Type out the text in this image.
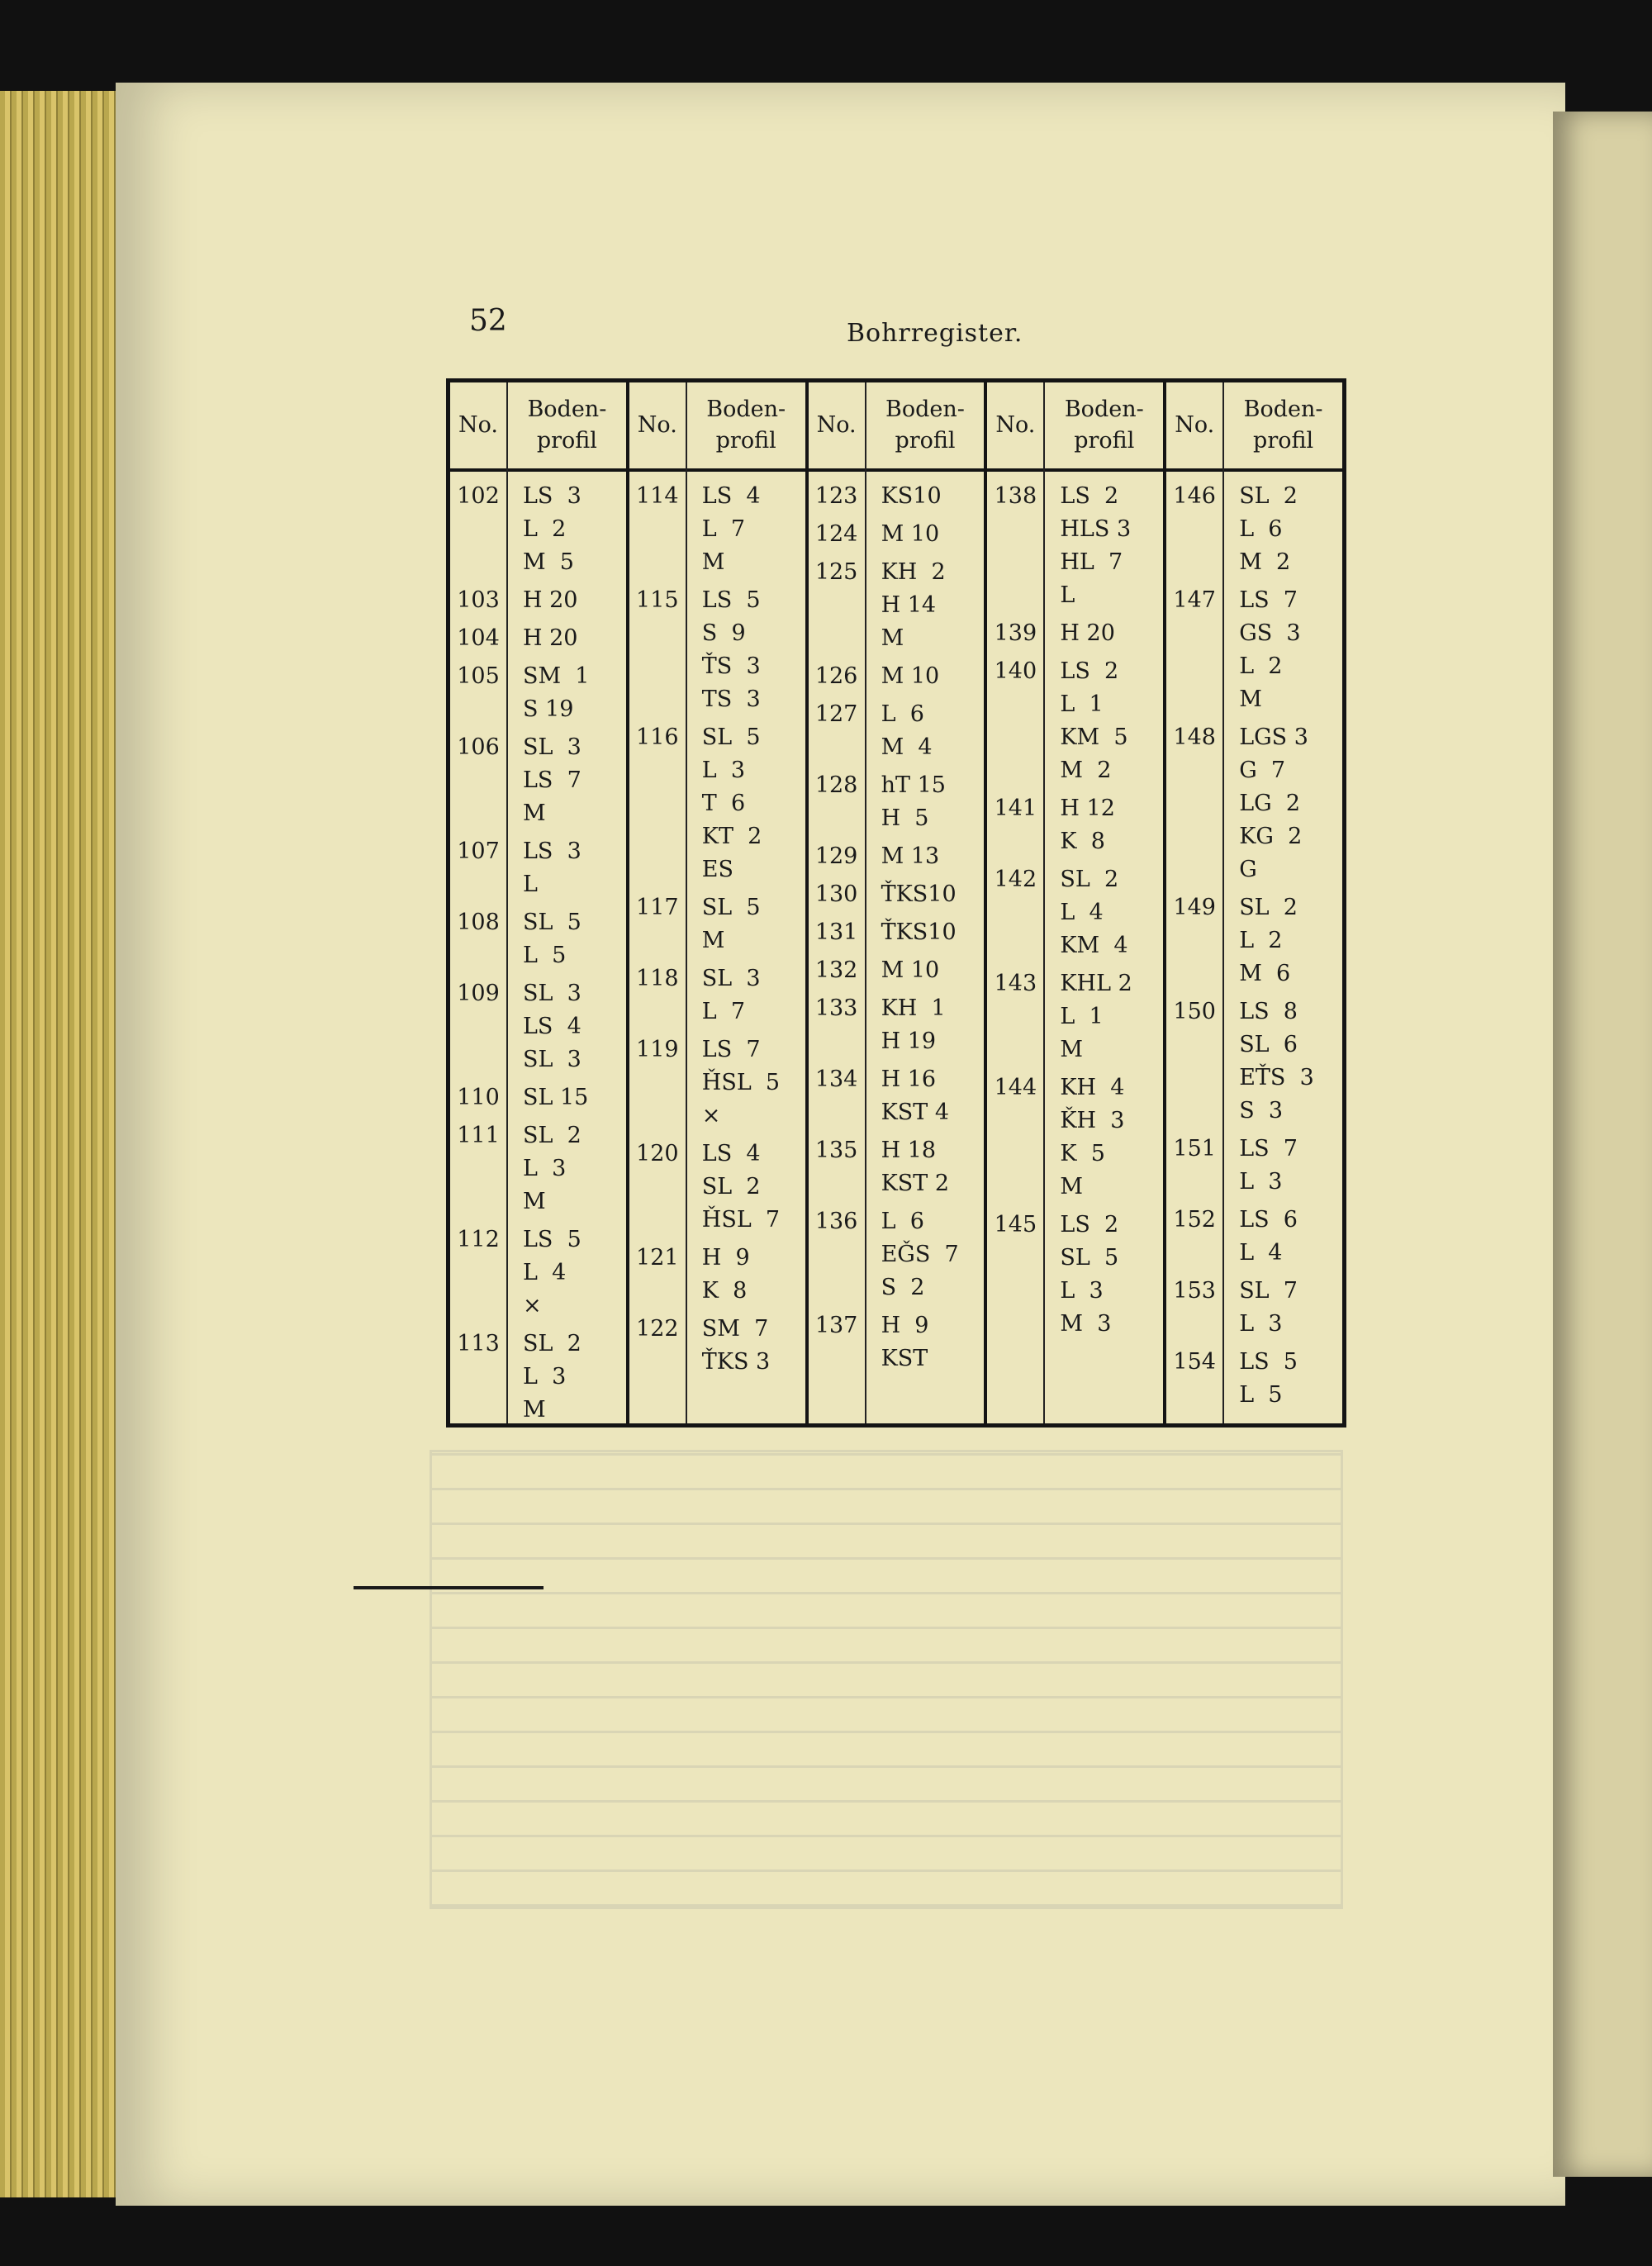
52	Bohrregister.
No.
102
103
104
105
106
107
108
109
110
111
112
113
Boden-
profil
LS  3
L  2
M  5
H 20
H 20
SM  1
S 19
SL  3
LS  7
M
LS  3
L
SL  5
L  5
SL  3
LS  4
SL  3
SL 15
SL  2
L  3
M
LS  5
L  4
×
SL  2
L  3
M
No.
114
115
116
117
118
119
120
121
122
Boden-
profil
LS  4
L  7
M
LS  5
S  9
ŤS  3
TS  3
SL  5
L  3
T  6
KT  2
ES
SL  5
M
SL  3
L  7
LS  7
ȞSL  5
×
LS  4
SL  2
ȞSL  7
H  9
K  8
SM  7
ŤKS 3
No.
123
124
125
126
127
128
129
130
131
132
133
134
135
136
137
Boden-
profil
KS10
M 10
KH  2
H 14
M
M 10
L  6
M  4
hT 15
H  5
M 13
ŤKS10
ŤKS10
M 10
KH  1
H 19
H 16
KST 4
H 18
KST 2
L  6
EǦS  7
S  2
H  9
KST
No.
138
139
140
141
142
143
144
145
Boden-
profil
LS  2
HLS 3
HL  7
L
H 20
LS  2
L  1
KM  5
M  2
H 12
K  8
SL  2
L  4
KM  4
KHL 2
L  1
M
KH  4
ǨH  3
K  5
M
LS  2
SL  5
L  3
M  3
No.
146
147
148
149
150
151
152
153
154
Boden-
profil
SL  2
L  6
M  2
LS  7
GS  3
L  2
M
LGS 3
G  7
LG  2
KG  2
G
SL  2
L  2
M  6
LS  8
SL  6
EŤS  3
S  3
LS  7
L  3
LS  6
L  4
SL  7
L  3
LS  5
L  5
